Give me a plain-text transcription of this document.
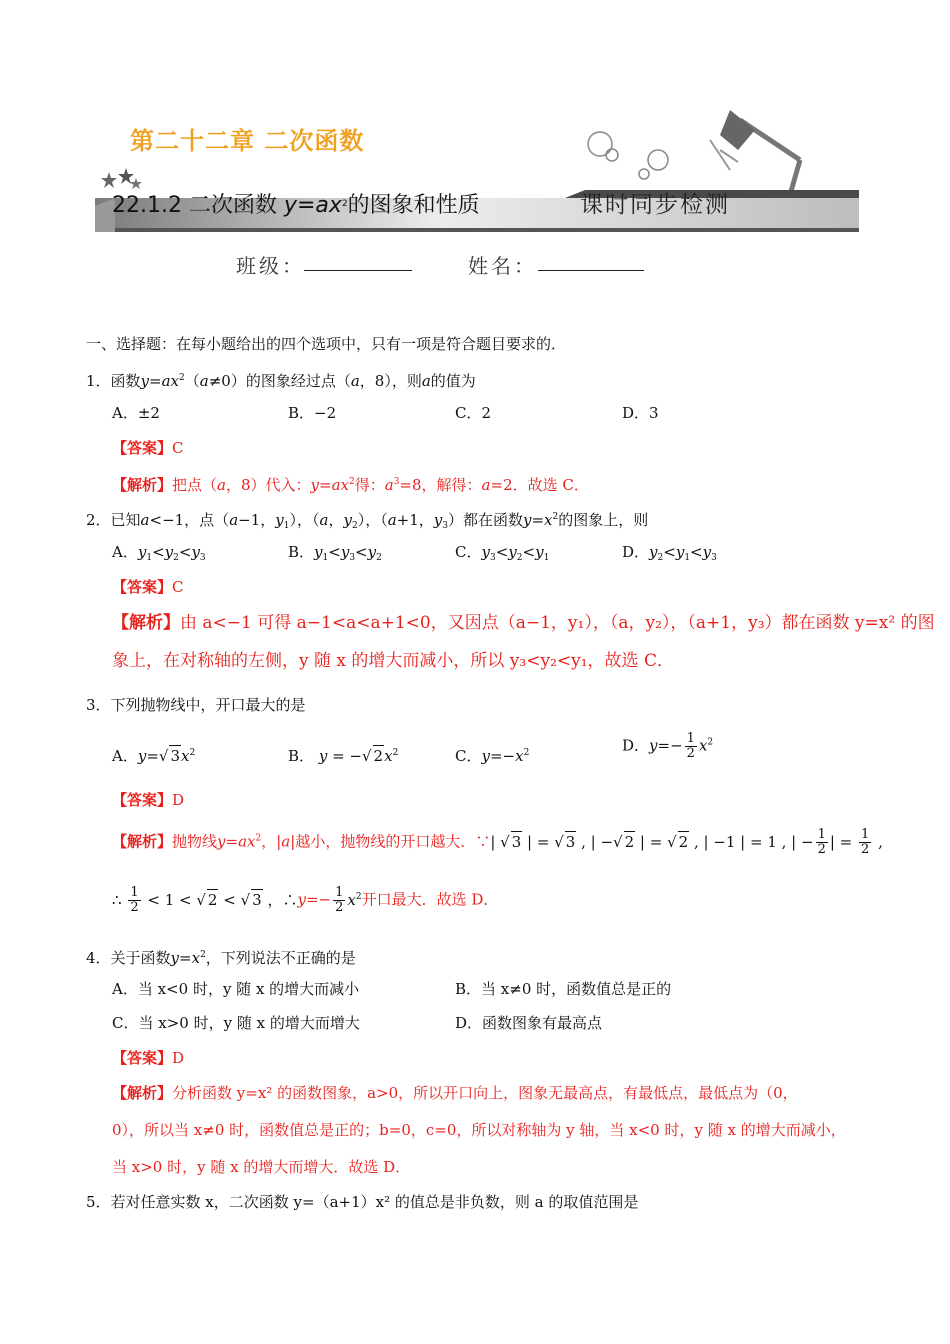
第二十二章 二次函数
22.1.2 二次函数 $y=ax^2$的图象和性质	课时同步检测
班级：	姓名：
一、选择题：在每小题给出的四个选项中，只有一项是符合题目要求的．
1．函数$y=ax^2(a\ne 0)$的图象经过点（a，8），则a的值为
A．±2	B．−2	C．2	D．3
【答案】C
【解析】把点（a，8）代入：$y=ax^2$得：$a^3=8$，解得：a=2．故选 C．
2．已知a<−1，点（a−1，$y_1$），（a，$y_2$），（a+1，$y_3$）都在函数$y=x^2$的图象上，则
A．$y_1<y_2<y_3$	B．$y_1<y_3<y_2$	C．$y_3<y_2<y_1$	D．$y_2<y_1<y_3$
【答案】C
【解析】由 a<−1 可得 a−1<a<a+1<0，又因点（a−1，y₁），（a，y₂），（a+1，y₃）都在函数 y=x² 的图
象上，在对称轴的左侧，y 随 x 的增大而减小，所以 y₃<y₂<y₁，故选 C．
3．下列抛物线中，开口最大的是
A．y=√ $3x^2$	B． y = −√ $2x^2$	C．$y=-x^2$	D．$y=- \frac{1}{2} x^2$
【答案】D
【解析】抛物线$y=ax^2$，|a|越小，抛物线的开口越大．∵| √ 3 | = √ 3 , | −√ 2 | = √ 2 , | −1 | = 1 , | − $\frac{1}{2}$ | = $\frac{1}{2}$ ,
∴ $\frac{1}{2} < 1$ < √ 2 < √ 3 ，∴y=− $\frac{1}{2} x^2$开口最大．故选 D．
4．关于函数$y=x^2$，下列说法不正确的是
A．当 x<0 时，y 随 x 的增大而减小	B．当 x≠0 时，函数值总是正的
C．当 x>0 时，y 随 x 的增大而增大	D．函数图象有最高点
【答案】D
【解析】分析函数 y=x² 的函数图象，a>0，所以开口向上，图象无最高点，有最低点，最低点为（0，
0），所以当 x≠0 时，函数值总是正的；b=0，c=0，所以对称轴为 y 轴，当 x<0 时，y 随 x 的增大而减小，
当 x>0 时，y 随 x 的增大而增大．故选 D．
5．若对任意实数 x，二次函数 y=（a+1）x² 的值总是非负数，则 a 的取值范围是
